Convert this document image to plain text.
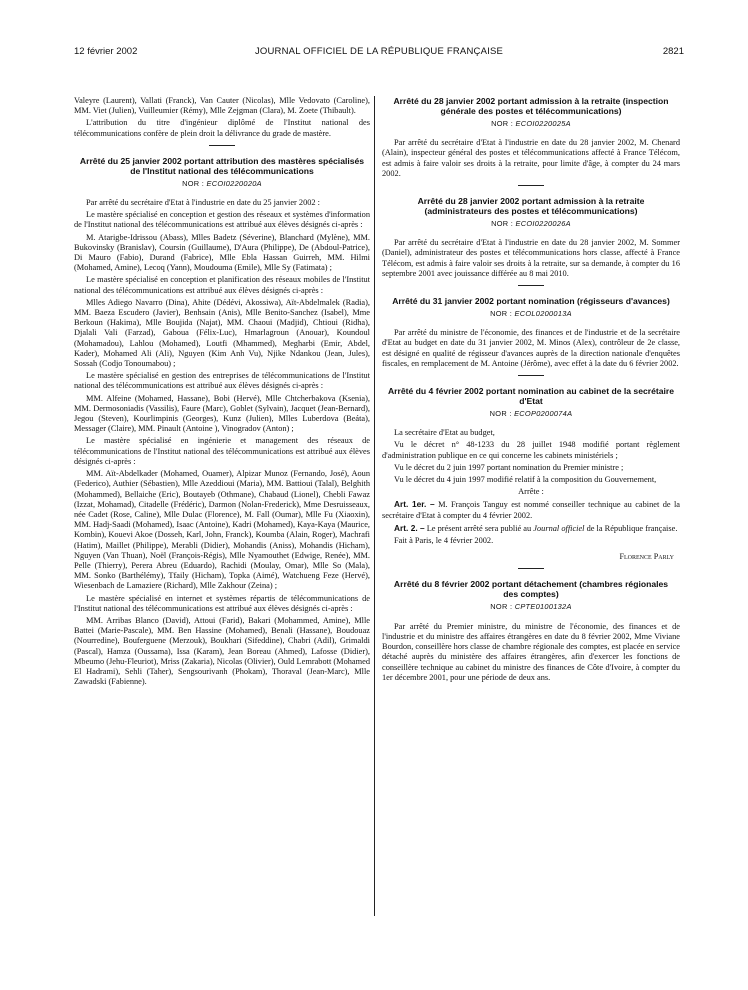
12 février 2002	JOURNAL OFFICIEL DE LA RÉPUBLIQUE FRANÇAISE	2821

Valeyre (Laurent), Vallati (Franck), Van Cauter (Nicolas), Mlle Vedovato (Caroline), MM. Viet (Julien), Vuilleumier (Rémy), Mlle Zejgman (Clara), M. Zoete (Thibault).

L'attribution du titre d'ingénieur diplômé de l'Institut national des télécommunications confère de plein droit la délivrance du grade de mastère.

Arrêté du 25 janvier 2002 portant attribution des mastères spécialisés de l'Institut national des télécommunications
NOR : ECOI0220020A

Par arrêté du secrétaire d'Etat à l'industrie en date du 25 janvier 2002 :

Le mastère spécialisé en conception et gestion des réseaux et systèmes d'information de l'Institut national des télécommunications est attribué aux élèves désignés ci-après :

M. Atarigbe-Idrissou (Abass), Mlles Badetz (Séverine), Blanchard (Mylène), MM. Bukovinsky (Branislav), Coursin (Guillaume), D'Aura (Philippe), De (Abdoul-Patrice), Di Mauro (Fabio), Durand (Fabrice), Mlle Ebla Hassan Guirreh, MM. Hilmi (Mohamed, Amine), Lecoq (Yann), Moudouma (Emile), Mlle Sy (Fatimata) ;

Le mastère spécialisé en conception et planification des réseaux mobiles de l'Institut national des télécommunications est attribué aux élèves désignés ci-après :

Mlles Adiego Navarro (Dina), Ahite (Dédévi, Akossiwa), Aït-Abdelmalek (Radia), MM. Baeza Escudero (Javier), Benhsain (Anis), Mlle Benito-Sanchez (Isabel), Mme Berkoun (Hakima), Mlle Boujida (Najat), MM. Chaoui (Madjid), Chtioui (Ridha), Djalali Vali (Farzad), Gaboua (Félix-Luc), Hmarlagroun (Anouar), Koundoul (Mohamadou), Lahlou (Mohamed), Loutfi (Mhammed), Megharbi (Emir, Abdel, Kader), Mohamed Ali (Ali), Nguyen (Kim Anh Vu), Njike Ndankou (Jean, Jules), Sossah (Codjo Tonoumabou) ;

Le mastère spécialisé en gestion des entreprises de télécommunications de l'Institut national des télécommunications est attribué aux élèves désignés ci-après :

MM. Alfeine (Mohamed, Hassane), Bobi (Hervé), Mlle Chtcherbakova (Ksenia), MM. Dermosoniadis (Vassilis), Faure (Marc), Goblet (Sylvain), Jacquet (Jean-Bernard), Jegou (Steven), Kourlimpinis (Georges), Kunz (Julien), Mlles Luberdova (Beáta), Messager (Claire), MM. Pinault (Antoine ), Vinogradov (Anton) ;

Le mastère spécialisé en ingénierie et management des réseaux de télécommunications de l'Institut national des télécommunications est attribué aux élèves désignés ci-après :

MM. Aït-Abdelkader (Mohamed, Ouamer), Alpizar Munoz (Fernando, José), Aoun (Federico), Authier (Sébastien), Mlle Azeddioui (Maria), MM. Battioui (Talal), Belghith (Mohammed), Bellaiche (Eric), Boutayeb (Othmane), Chabaud (Lionel), Chebli Fawaz (Izzat, Mohamad), Citadelle (Frédéric), Darmon (Nolan-Frederick), Mme Desruisseaux, née Cadet (Rose, Caline), Mlle Dulac (Florence), M. Fall (Oumar), Mlle Fu (Xiaoxin), MM. Hadj-Saadi (Mohamed), Isaac (Antoine), Kadri (Mohamed), Kaya-Kaya (Maurice, Kombin), Kouevi Akoe (Dosseh, Karl, John, Franck), Koumba (Alain, Roger), Machrafi (Hatim), Maillet (Philippe), Merabli (Didier), Mohandis (Aniss), Mohandis (Hicham), Nguyen (Van Thuan), Noël (François-Régis), Mlle Nyamouthet (Edwige, Renée), MM. Pelle (Thierry), Perera Abreu (Eduardo), Rachidi (Moulay, Omar), Mlle So (Mala), MM. Sonko (Barthélémy), Tfaily (Hicham), Topka (Aimé), Watchueng Feze (Hervé), Wiesenbach de Lamaziere (Richard), Mlle Zakhour (Zeina) ;

Le mastère spécialisé en internet et systèmes répartis de télécommunications de l'Institut national des télécommunications est attribué aux élèves désignés ci-après :

MM. Arribas Blanco (David), Attoui (Farid), Bakari (Mohammed, Amine), Mlle Battei (Marie-Pascale), MM. Ben Hassine (Mohamed), Benali (Hassane), Boudouaz (Nourredine), Bouferguene (Merzouk), Boukhari (Sifeddine), Chabri (Adil), Grimaldi (Pascal), Hamza (Oussama), Issa (Karam), Jean Boreau (Ahmed), Lafosse (Didier), Mbeumo (Jehu-Fleuriot), Mriss (Zakaria), Nicolas (Olivier), Ould Lemrabott (Mohamed El Hadrami), Sehli (Taher), Sengsourivanh (Phokam), Thoraval (Jean-Marc), Mlle Zawadski (Fabienne).

Arrêté du 28 janvier 2002 portant admission à la retraite (inspection générale des postes et télécommunications)
NOR : ECOI0220025A

Par arrêté du secrétaire d'Etat à l'industrie en date du 28 janvier 2002, M. Chenard (Alain), inspecteur général des postes et télécommunications affecté à France Télécom, est admis à faire valoir ses droits à la retraite, pour limite d'âge, à compter du 24 mars 2002.

Arrêté du 28 janvier 2002 portant admission à la retraite (administrateurs des postes et télécommunications)
NOR : ECOI0220026A

Par arrêté du secrétaire d'Etat à l'industrie en date du 28 janvier 2002, M. Sommer (Daniel), administrateur des postes et télécommunications hors classe, affecté à France Télécom, est admis à faire valoir ses droits à la retraite, sur sa demande, à compter du 16 septembre 2001 avec jouissance différée au 8 mai 2010.

Arrêté du 31 janvier 2002 portant nomination (régisseurs d'avances)
NOR : ECOL0200013A

Par arrêté du ministre de l'économie, des finances et de l'industrie et de la secrétaire d'Etat au budget en date du 31 janvier 2002, M. Minos (Alex), contrôleur de 2e classe, est désigné en qualité de régisseur d'avances auprès de la direction nationale d'enquêtes fiscales, en remplacement de M. Antoine (Jérôme), avec effet à la date du 6 février 2002.

Arrêté du 4 février 2002 portant nomination au cabinet de la secrétaire d'Etat
NOR : ECOP0200074A

La secrétaire d'Etat au budget,

Vu le décret n° 48-1233 du 28 juillet 1948 modifié portant règlement d'administration publique en ce qui concerne les cabinets ministériels ;

Vu le décret du 2 juin 1997 portant nomination du Premier ministre ;

Vu le décret du 4 juin 1997 modifié relatif à la composition du Gouvernement,

Arrête :

Art. 1er. – M. François Tanguy est nommé conseiller technique au cabinet de la secrétaire d'Etat à compter du 4 février 2002.

Art. 2. – Le présent arrêté sera publié au Journal officiel de la République française.

Fait à Paris, le 4 février 2002.

Florence Parly

Arrêté du 8 février 2002 portant détachement (chambres régionales des comptes)
NOR : CPTE0100132A

Par arrêté du Premier ministre, du ministre de l'économie, des finances et de l'industrie et du ministre des affaires étrangères en date du 8 février 2002, Mme Viviane Bourdon, conseillère hors classe de chambre régionale des comptes, est placée en service détaché auprès du ministère des affaires étrangères, afin d'exercer les fonctions de conseillère technique au cabinet du ministre des finances de Côte d'Ivoire, à compter du 1er décembre 2001, pour une période de deux ans.
